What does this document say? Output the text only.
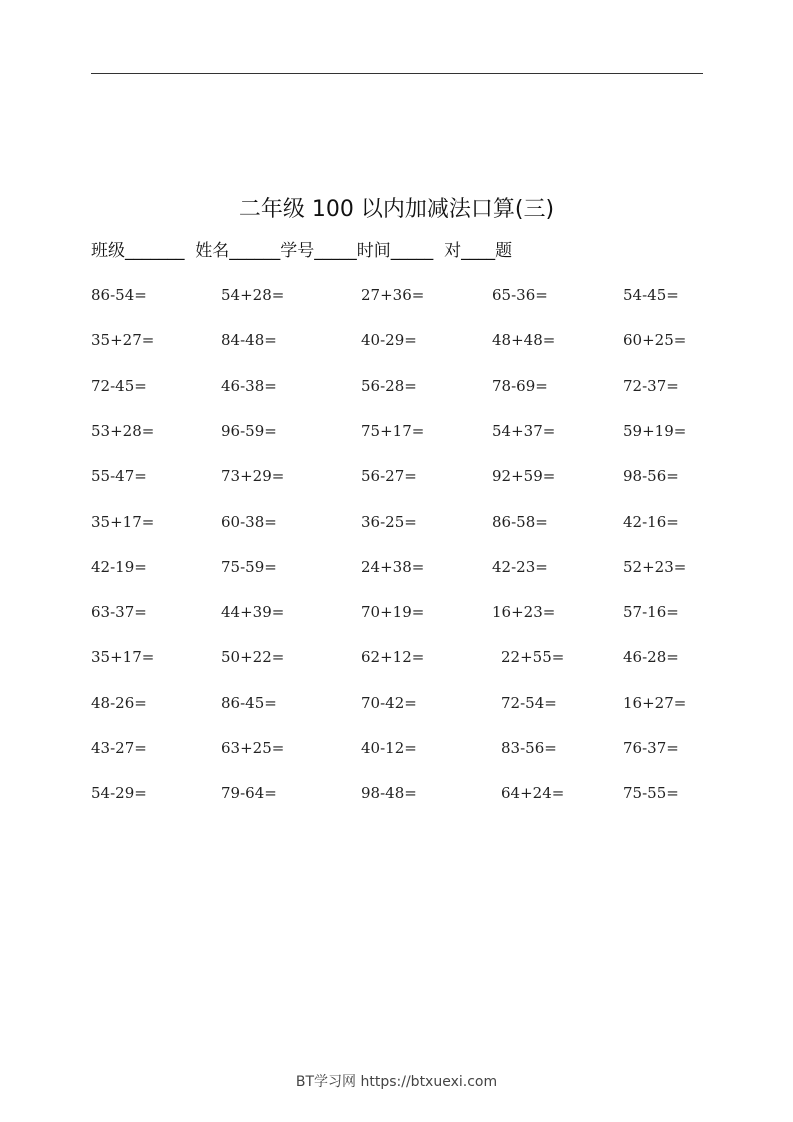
二年级 100 以内加减法口算(三)
班级_______  姓名______学号_____时间_____  对____题
86-54=	54+28=	27+36=	65-36=	54-45=
35+27=	84-48=	40-29=	48+48=	60+25=
72-45=	46-38=	56-28=	78-69=	72-37=
53+28=	96-59=	75+17=	54+37=	59+19=
55-47=	73+29=	56-27=	92+59=	98-56=
35+17=	60-38=	36-25=	86-58=	42-16=
42-19=	75-59=	24+38=	42-23=	52+23=
63-37=	44+39=	70+19=	16+23=	57-16=
35+17=	50+22=	62+12=	22+55=	46-28=
48-26=	86-45=	70-42=	72-54=	16+27=
43-27=	63+25=	40-12=	83-56=	76-37=
54-29=	79-64=	98-48=	64+24=	75-55=
BT学习网 https://btxuexi.com
